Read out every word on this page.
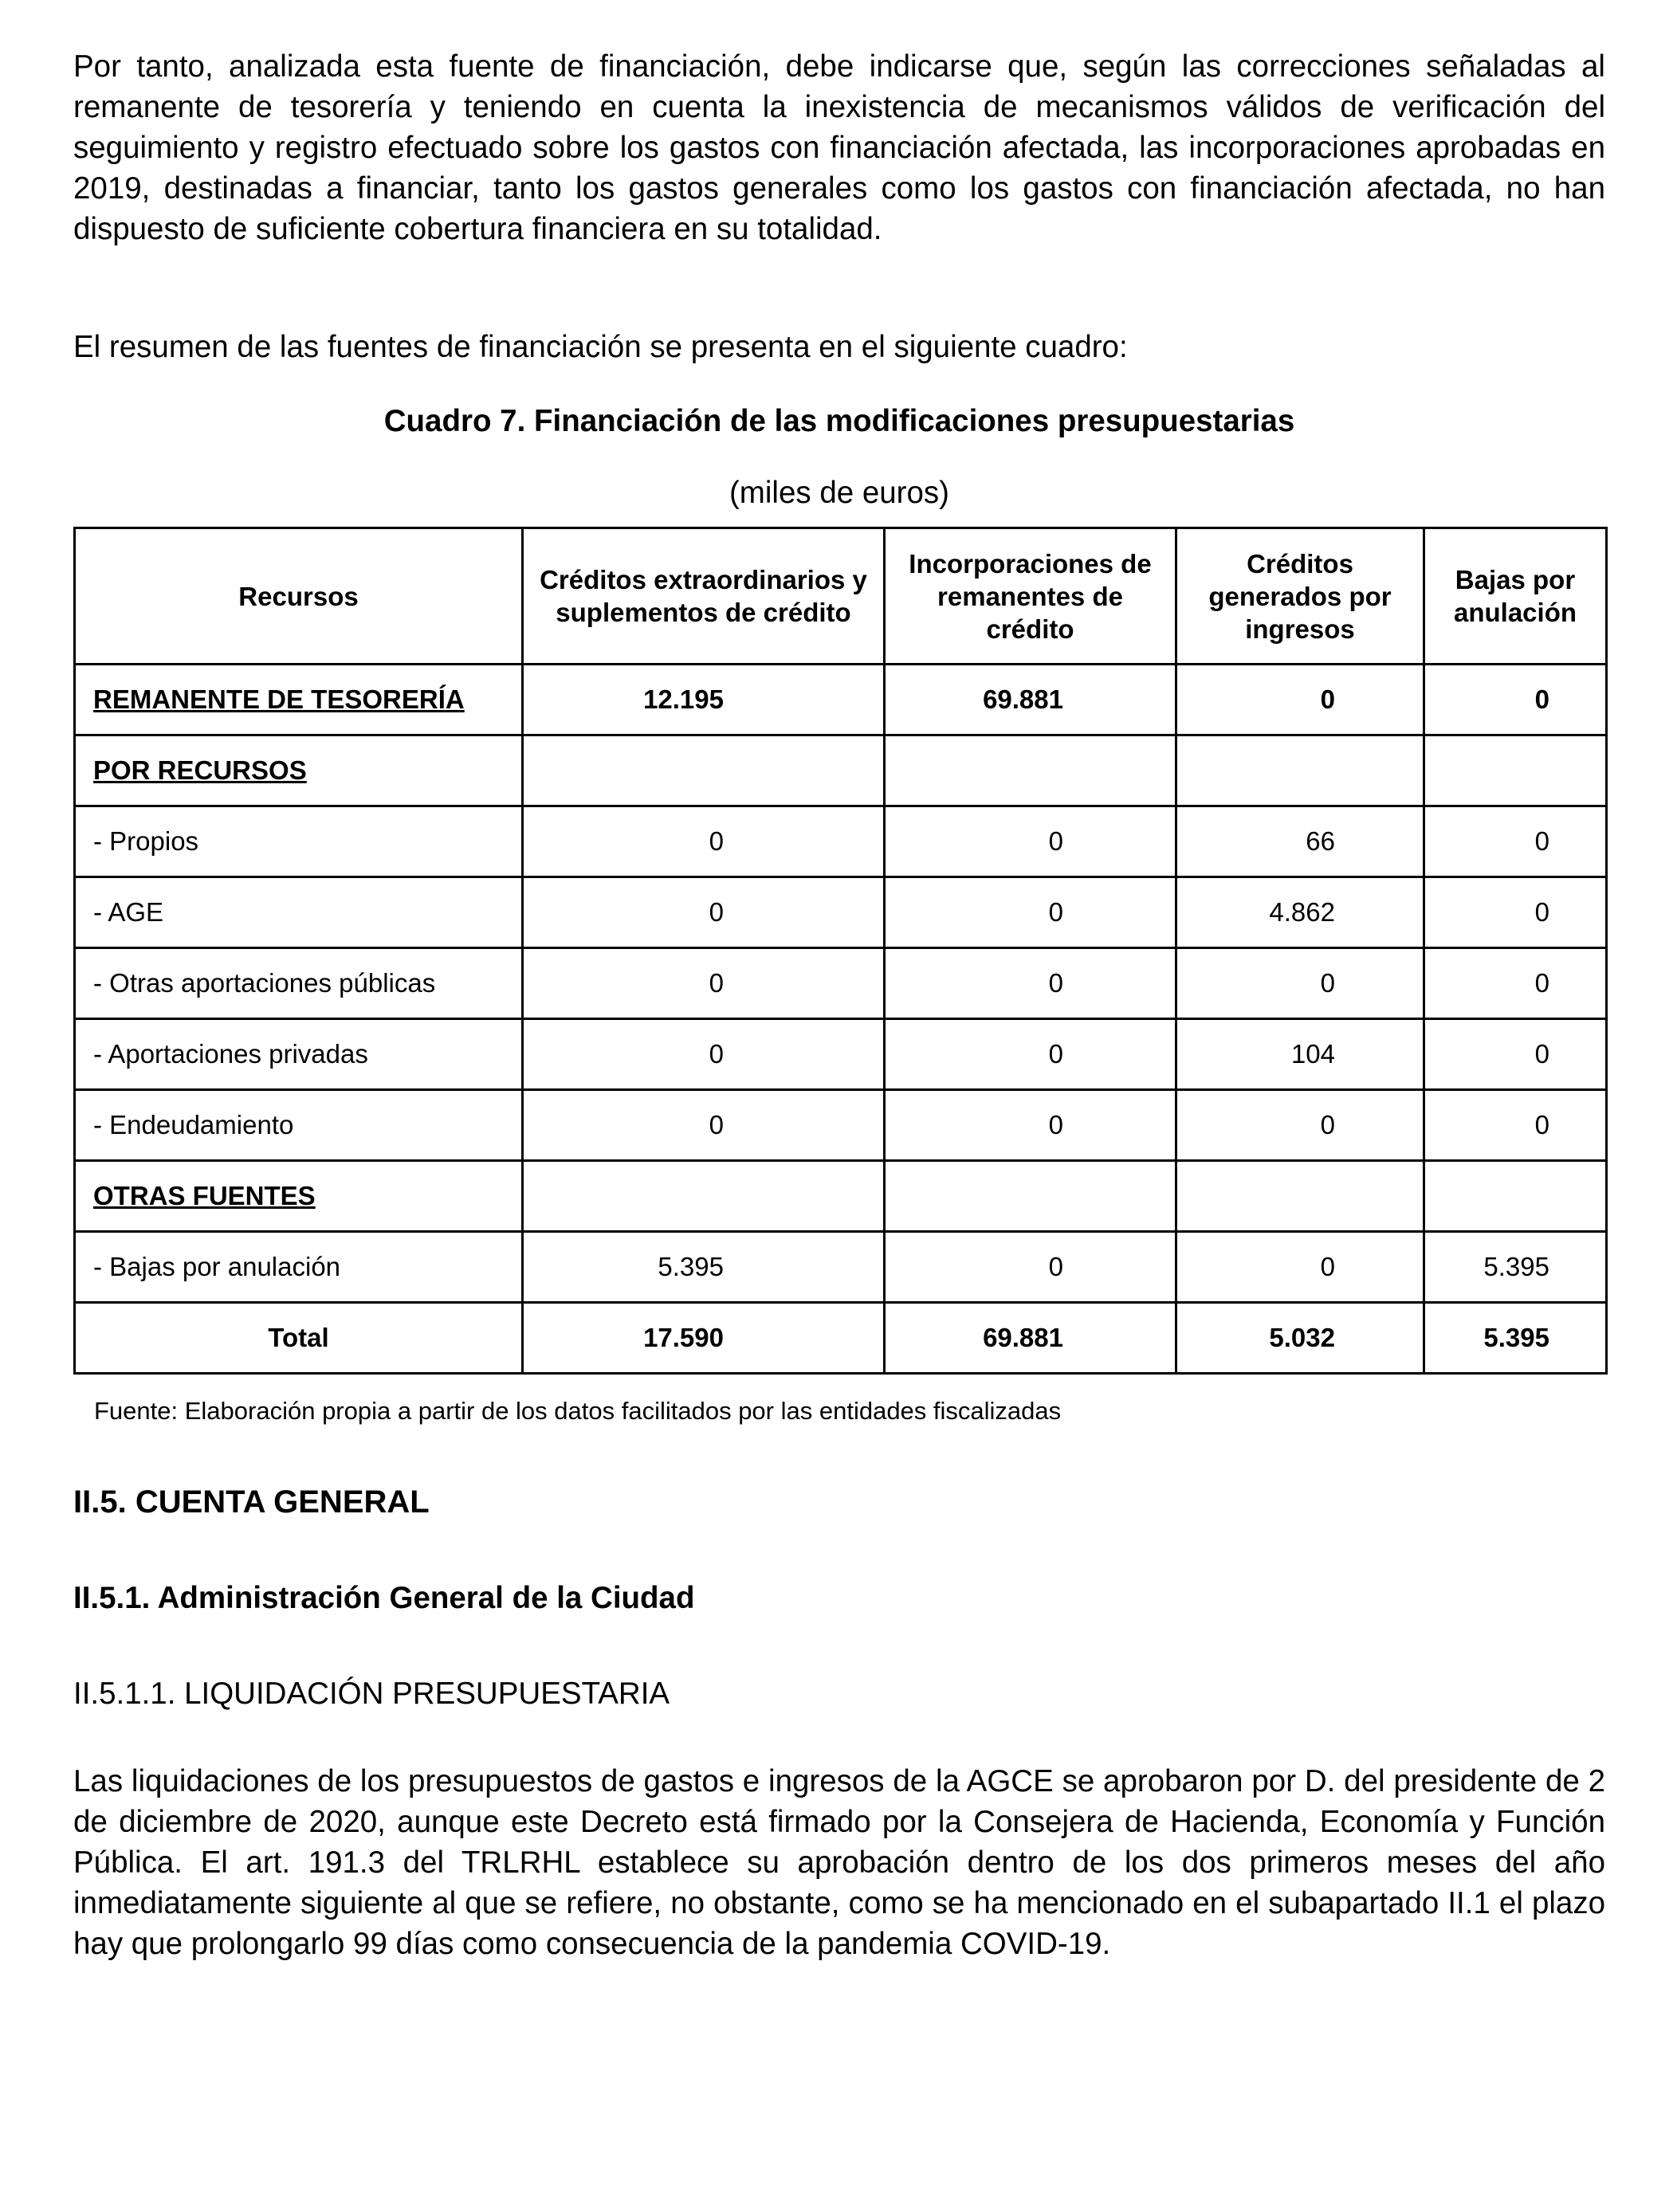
Por tanto, analizada esta fuente de financiación, debe indicarse que, según las correcciones señaladas al remanente de tesorería y teniendo en cuenta la inexistencia de mecanismos válidos de verificación del seguimiento y registro efectuado sobre los gastos con financiación afectada, las incorporaciones aprobadas en 2019, destinadas a financiar, tanto los gastos generales como los gastos con financiación afectada, no han dispuesto de suficiente cobertura financiera en su totalidad.

El resumen de las fuentes de financiación se presenta en el siguiente cuadro:

Cuadro 7. Financiación de las modificaciones presupuestarias
(miles de euros)
Recursos	Créditos extraordinarios y suplementos de crédito	Incorporaciones de remanentes de crédito	Créditos generados por ingresos	Bajas por anulación
REMANENTE DE TESORERÍA	12.195	69.881	0	0
POR RECURSOS				
- Propios	0	0	66	0
- AGE	0	0	4.862	0
- Otras aportaciones públicas	0	0	0	0
- Aportaciones privadas	0	0	104	0
- Endeudamiento	0	0	0	0
OTRAS FUENTES				
- Bajas por anulación	5.395	0	0	5.395
Total	17.590	69.881	5.032	5.395
Fuente: Elaboración propia a partir de los datos facilitados por las entidades fiscalizadas
II.5. CUENTA GENERAL
II.5.1. Administración General de la Ciudad
II.5.1.1. LIQUIDACIÓN PRESUPUESTARIA

Las liquidaciones de los presupuestos de gastos e ingresos de la AGCE se aprobaron por D. del presidente de 2 de diciembre de 2020, aunque este Decreto está firmado por la Consejera de Hacienda, Economía y Función Pública. El art. 191.3 del TRLRHL establece su aprobación dentro de los dos primeros meses del año inmediatamente siguiente al que se refiere, no obstante, como se ha mencionado en el subapartado II.1 el plazo hay que prolongarlo 99 días como consecuencia de la pandemia COVID-19.
